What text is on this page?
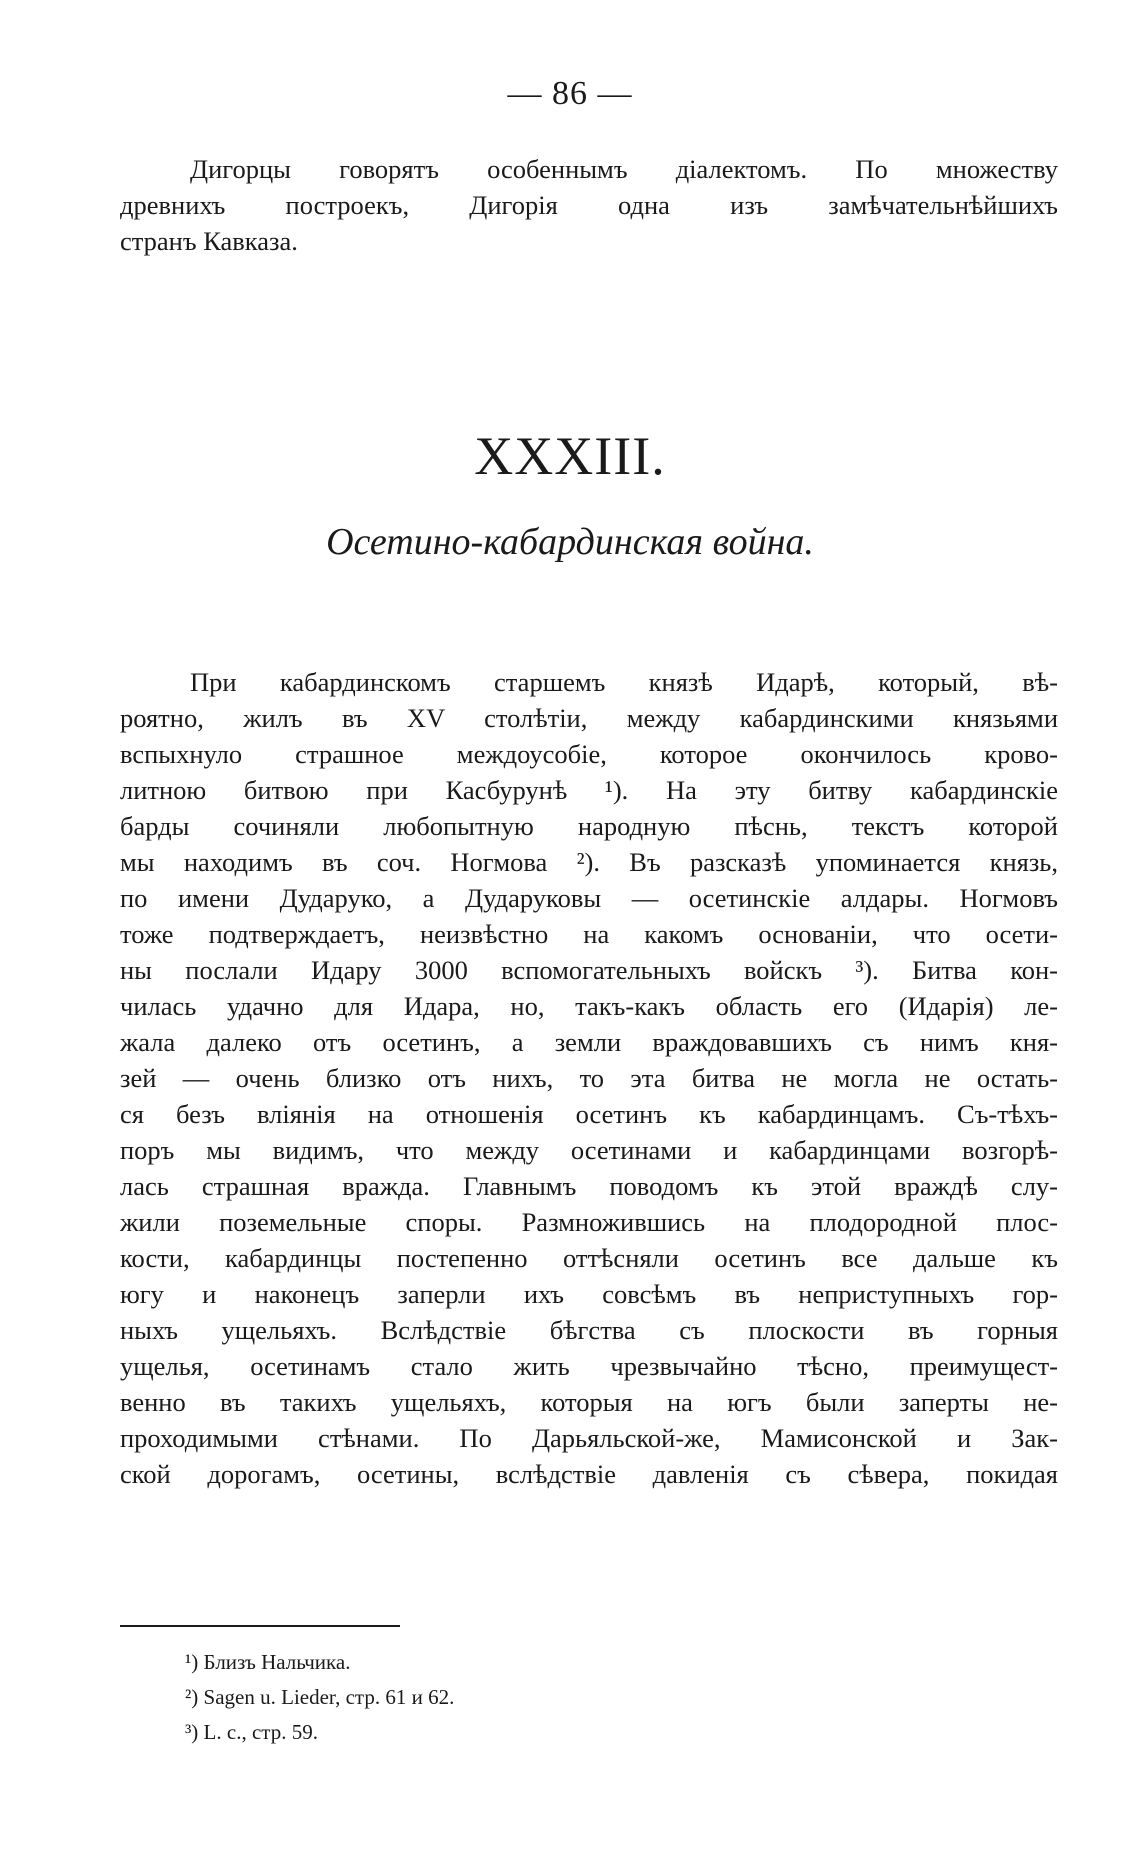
— 86 —
Дигорцы говорятъ особеннымъ діалектомъ. По множеству
древнихъ построекъ, Дигорія одна изъ замѣчательнѣйшихъ
странъ Кавказа.
XXXIII.
Осетино-кабардинская война.
При кабардинскомъ старшемъ князѣ Идарѣ, который, вѣ-
роятно, жилъ въ XV столѣтіи, между кабардинскими князьями
вспыхнуло страшное междоусобіе, которое окончилось крово-
литною битвою при Касбурунѣ ¹). На эту битву кабардинскіе
барды сочиняли любопытную народную пѣснь, текстъ которой
мы находимъ въ соч. Ногмова ²). Въ разсказѣ упоминается князь,
по имени Дударуко, а Дударуковы — осетинскіе алдары. Ногмовъ
тоже подтверждаетъ, неизвѣстно на какомъ основаніи, что осети-
ны послали Идару 3000 вспомогательныхъ войскъ ³). Битва кон-
чилась удачно для Идара, но, такъ-какъ область его (Идарія) ле-
жала далеко отъ осетинъ, а земли враждовавшихъ съ нимъ кня-
зей — очень близко отъ нихъ, то эта битва не могла не остать-
ся безъ вліянія на отношенія осетинъ къ кабардинцамъ. Съ-тѣхъ-
поръ мы видимъ, что между осетинами и кабардинцами возгорѣ-
лась страшная вражда. Главнымъ поводомъ къ этой враждѣ слу-
жили поземельные споры. Размножившись на плодородной плос-
кости, кабардинцы постепенно оттѣсняли осетинъ все дальше къ
югу и наконецъ заперли ихъ совсѣмъ въ неприступныхъ гор-
ныхъ ущельяхъ. Вслѣдствіе бѣгства съ плоскости въ горныя
ущелья, осетинамъ стало жить чрезвычайно тѣсно, преимущест-
венно въ такихъ ущельяхъ, которыя на югъ были заперты не-
проходимыми стѣнами. По Дарьяльской-же, Мамисонской и Зак-
ской дорогамъ, осетины, вслѣдствіе давленія съ сѣвера, покидая
¹) Близъ Нальчика.
²) Sagen u. Lieder, стр. 61 и 62.
³) L. c., стр. 59.
